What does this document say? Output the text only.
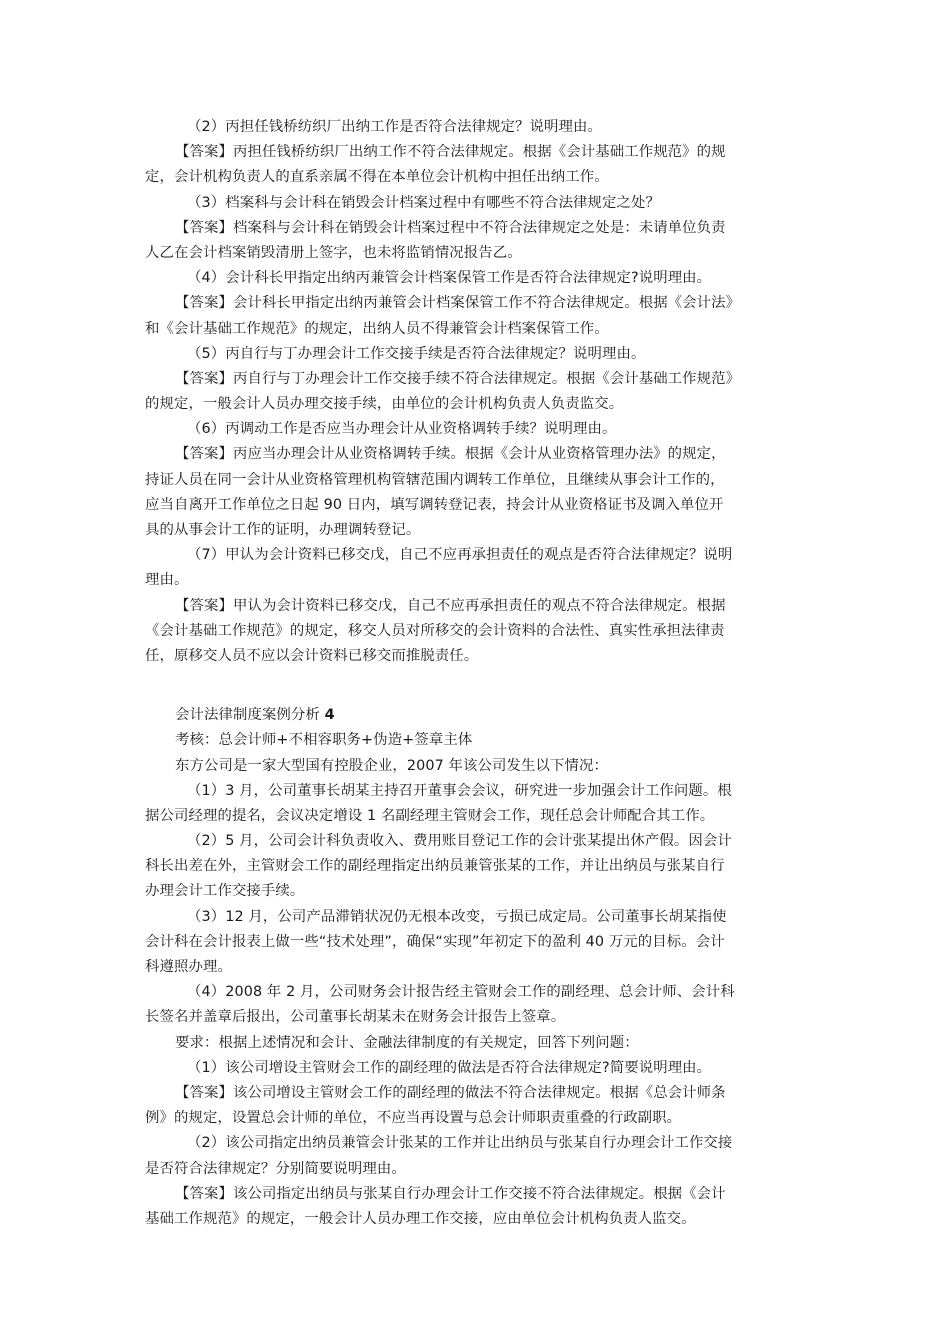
（2）丙担任钱桥纺织厂出纳工作是否符合法律规定？说明理由。
【答案】丙担任钱桥纺织厂出纳工作不符合法律规定。根据《会计基础工作规范》的规
定，会计机构负责人的直系亲属不得在本单位会计机构中担任出纳工作。
（3）档案科与会计科在销毁会计档案过程中有哪些不符合法律规定之处？
【答案】档案科与会计科在销毁会计档案过程中不符合法律规定之处是：未请单位负责
人乙在会计档案销毁清册上签字，也未将监销情况报告乙。
（4）会计科长甲指定出纳丙兼管会计档案保管工作是否符合法律规定?说明理由。
【答案】会计科长甲指定出纳丙兼管会计档案保管工作不符合法律规定。根据《会计法》
和《会计基础工作规范》的规定，出纳人员不得兼管会计档案保管工作。
（5）丙自行与丁办理会计工作交接手续是否符合法律规定？说明理由。
【答案】丙自行与丁办理会计工作交接手续不符合法律规定。根据《会计基础工作规范》
的规定，一般会计人员办理交接手续，由单位的会计机构负责人负责监交。
（6）丙调动工作是否应当办理会计从业资格调转手续？说明理由。
【答案】丙应当办理会计从业资格调转手续。根据《会计从业资格管理办法》的规定，
持证人员在同一会计从业资格管理机构管辖范围内调转工作单位，且继续从事会计工作的，
应当自离开工作单位之日起 90 日内，填写调转登记表，持会计从业资格证书及调入单位开
具的从事会计工作的证明，办理调转登记。
（7）甲认为会计资料已移交戊，自己不应再承担责任的观点是否符合法律规定？说明
理由。
【答案】甲认为会计资料已移交戊，自己不应再承担责任的观点不符合法律规定。根据
《会计基础工作规范》的规定，移交人员对所移交的会计资料的合法性、真实性承担法律责
任，原移交人员不应以会计资料已移交而推脱责任。
会计法律制度案例分析 4
考核：总会计师+不相容职务+伪造+签章主体
东方公司是一家大型国有控股企业，2007 年该公司发生以下情况：
（1）3 月，公司董事长胡某主持召开董事会会议，研究进一步加强会计工作问题。根
据公司经理的提名，会议决定增设 1 名副经理主管财会工作，现任总会计师配合其工作。
（2）5 月，公司会计科负责收入、费用账目登记工作的会计张某提出休产假。因会计
科长出差在外，主管财会工作的副经理指定出纳员兼管张某的工作，并让出纳员与张某自行
办理会计工作交接手续。
（3）12 月，公司产品滞销状况仍无根本改变，亏损已成定局。公司董事长胡某指使
会计科在会计报表上做一些“技术处理”，确保“实现”年初定下的盈利 40 万元的目标。会计
科遵照办理。
（4）2008 年 2 月，公司财务会计报告经主管财会工作的副经理、总会计师、会计科
长签名并盖章后报出，公司董事长胡某未在财务会计报告上签章。
要求：根据上述情况和会计、金融法律制度的有关规定，回答下列问题：
（1）该公司增设主管财会工作的副经理的做法是否符合法律规定?简要说明理由。
【答案】该公司增设主管财会工作的副经理的做法不符合法律规定。根据《总会计师条
例》的规定，设置总会计师的单位，不应当再设置与总会计师职责重叠的行政副职。
（2）该公司指定出纳员兼管会计张某的工作并让出纳员与张某自行办理会计工作交接
是否符合法律规定？分别简要说明理由。
【答案】该公司指定出纳员与张某自行办理会计工作交接不符合法律规定。根据《会计
基础工作规范》的规定，一般会计人员办理工作交接，应由单位会计机构负责人监交。
